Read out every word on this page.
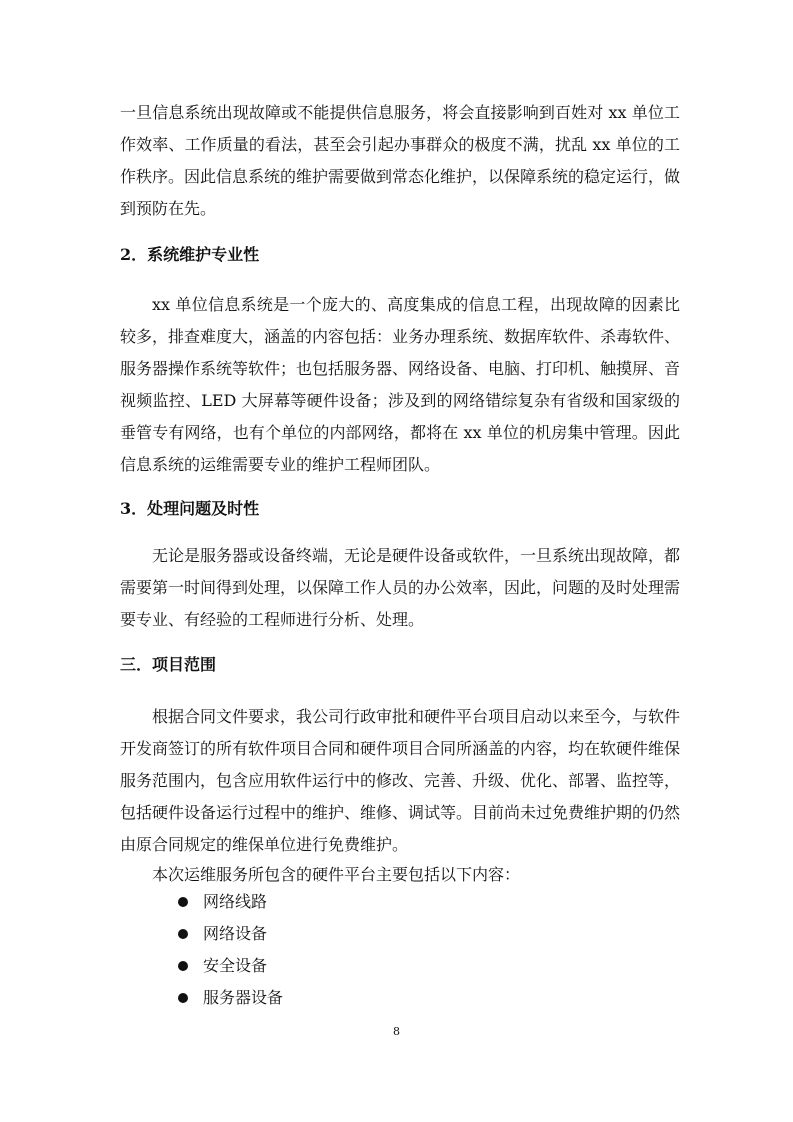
一旦信息系统出现故障或不能提供信息服务，将会直接影响到百姓对 xx 单位工作效率、工作质量的看法，甚至会引起办事群众的极度不满，扰乱 xx 单位的工作秩序。因此信息系统的维护需要做到常态化维护，以保障系统的稳定运行，做到预防在先。

2．系统维护专业性

xx 单位信息系统是一个庞大的、高度集成的信息工程，出现故障的因素比较多，排查难度大，涵盖的内容包括：业务办理系统、数据库软件、杀毒软件、服务器操作系统等软件；也包括服务器、网络设备、电脑、打印机、触摸屏、音视频监控、LED 大屏幕等硬件设备；涉及到的网络错综复杂有省级和国家级的垂管专有网络，也有个单位的内部网络，都将在 xx 单位的机房集中管理。因此信息系统的运维需要专业的维护工程师团队。

3．处理问题及时性

无论是服务器或设备终端，无论是硬件设备或软件，一旦系统出现故障，都需要第一时间得到处理，以保障工作人员的办公效率，因此，问题的及时处理需要专业、有经验的工程师进行分析、处理。

三．项目范围

根据合同文件要求，我公司行政审批和硬件平台项目启动以来至今，与软件开发商签订的所有软件项目合同和硬件项目合同所涵盖的内容，均在软硬件维保服务范围内，包含应用软件运行中的修改、完善、升级、优化、部署、监控等，包括硬件设备运行过程中的维护、维修、调试等。目前尚未过免费维护期的仍然由原合同规定的维保单位进行免费维护。

本次运维服务所包含的硬件平台主要包括以下内容：

网络线路
网络设备
安全设备
服务器设备
8
